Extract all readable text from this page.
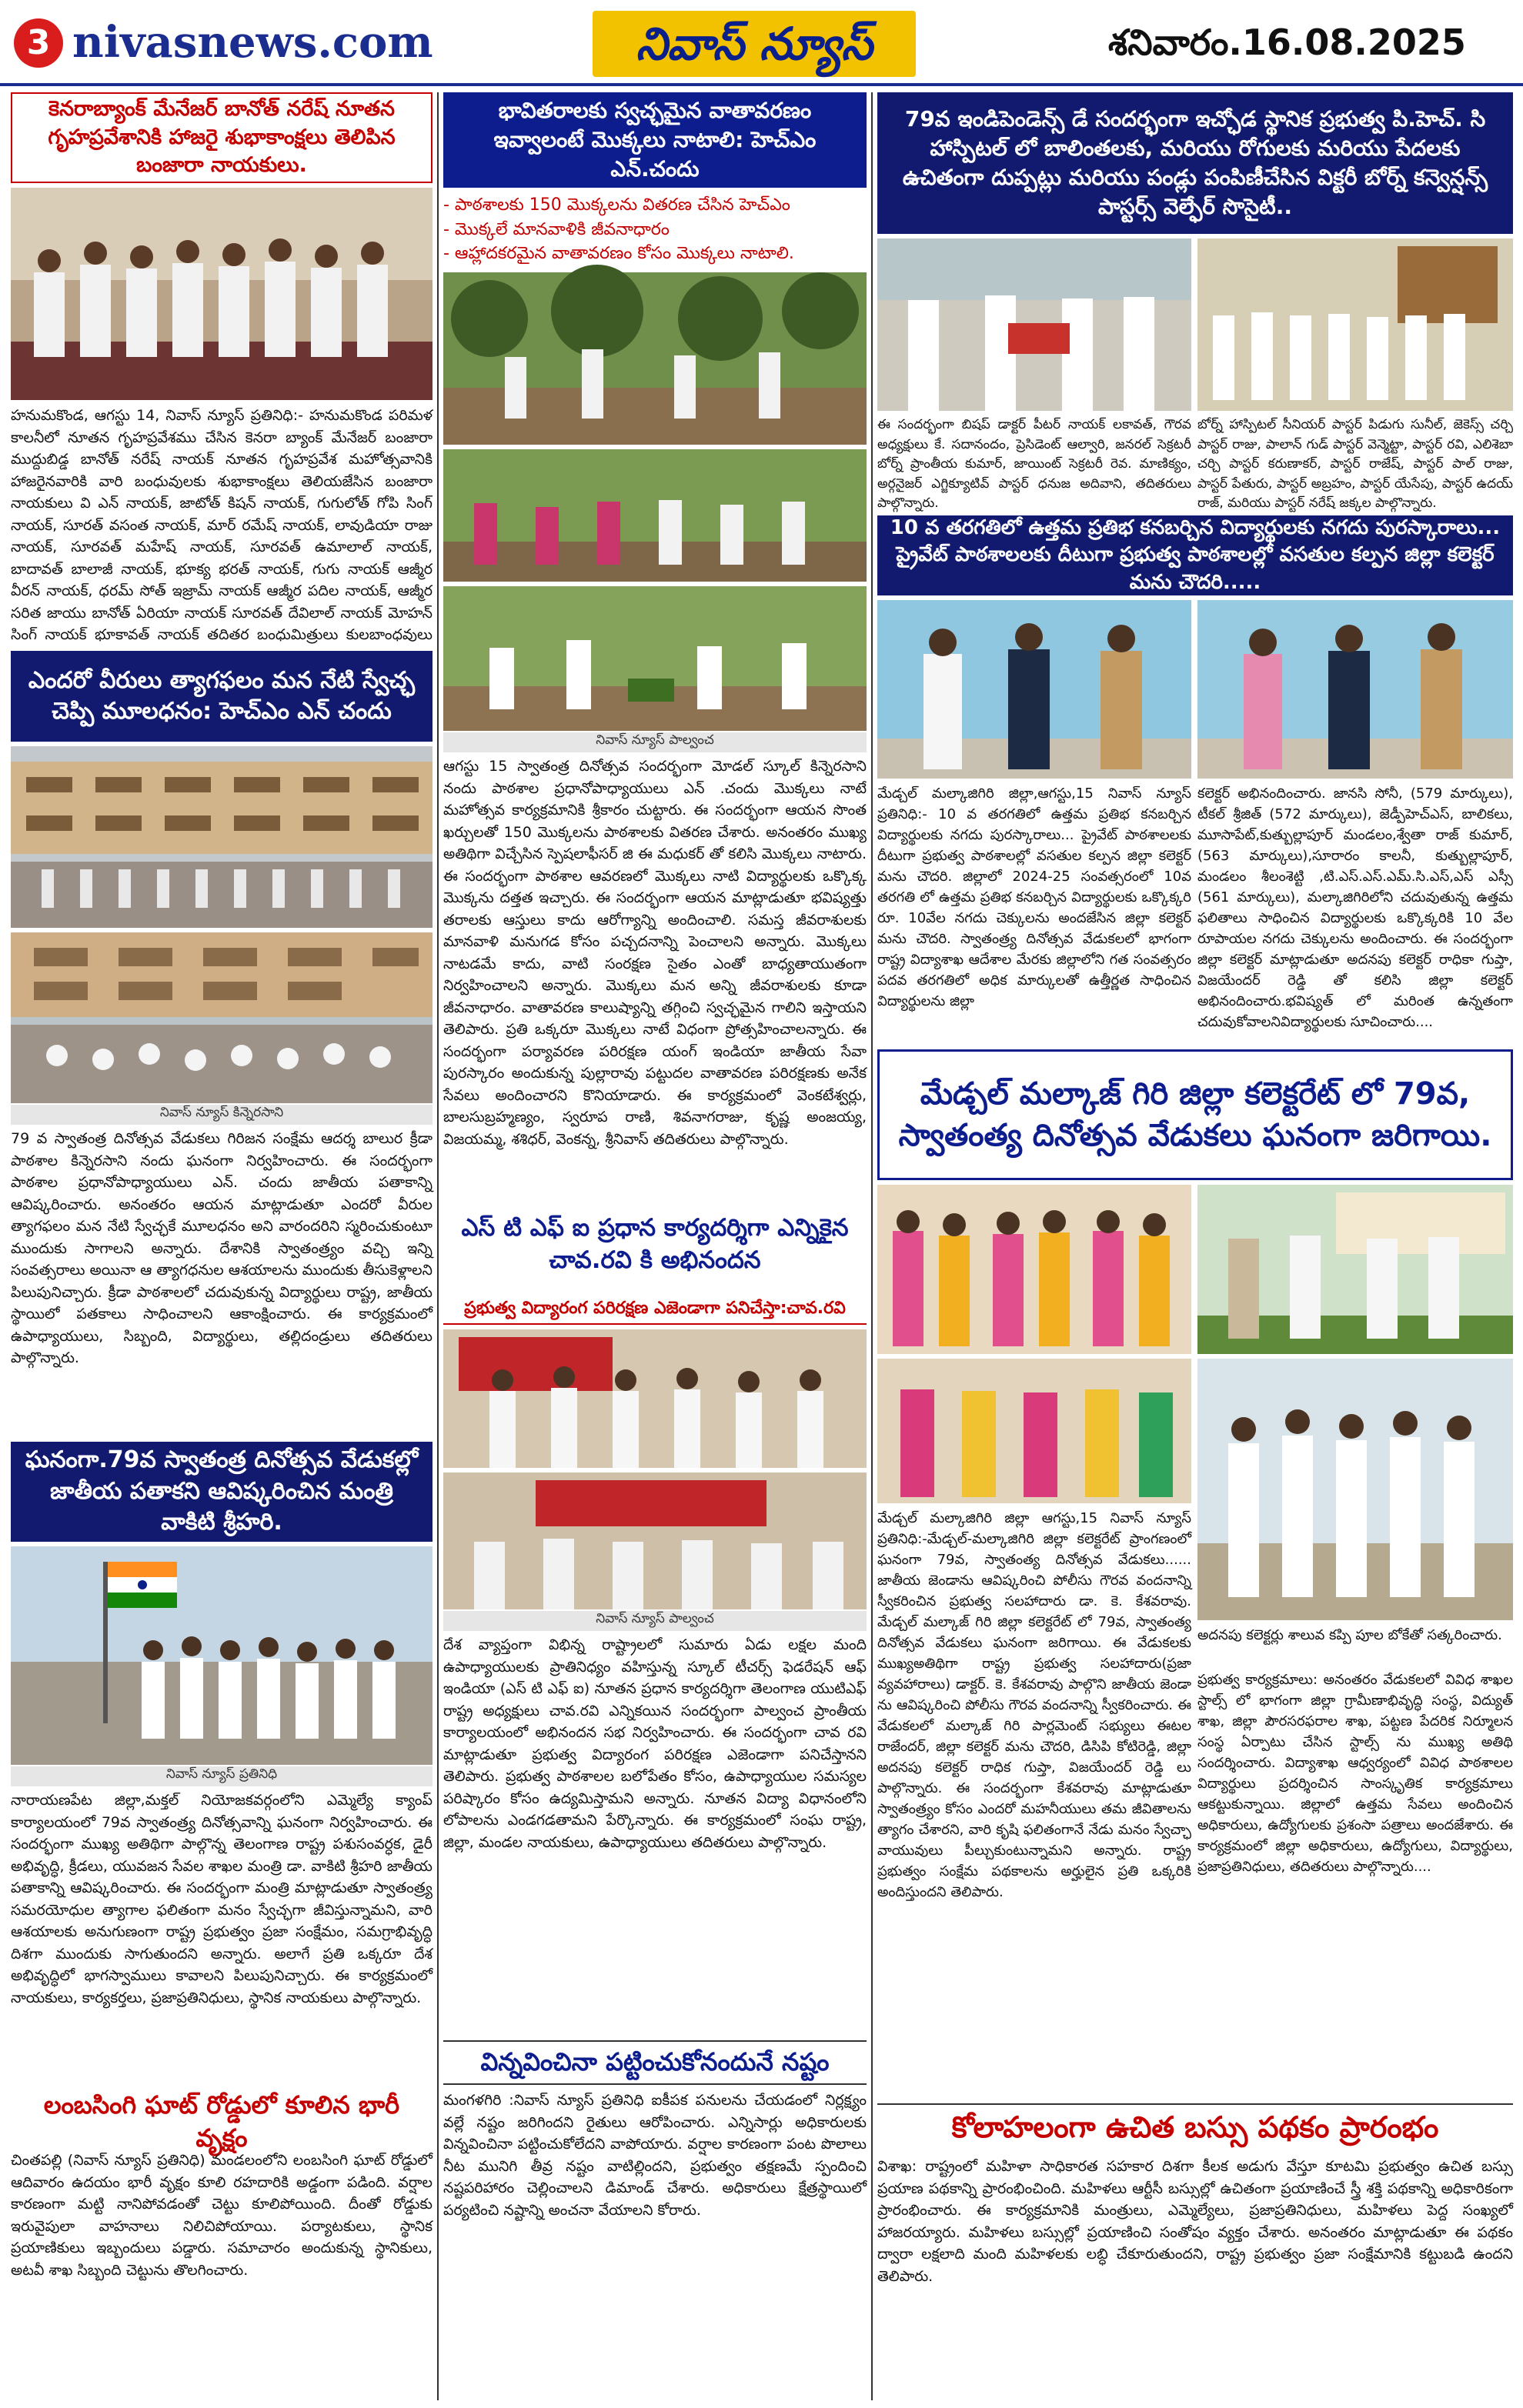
3 nivasnews.com	నివాస్ న్యూస్	శనివారం.16.08.2025
కెనరాబ్యాంక్ మేనేజర్ బానోత్ నరేష్ నూతన గృహప్రవేశానికి హాజరై శుభాకాంక్షలు తెలిపిన బంజారా నాయకులు.
హనుమకొండ, ఆగస్టు 14, నివాస్ న్యూస్ ప్రతినిధి:- హనుమకొండ పరిమళ కాలనీలో నూతన గృహప్రవేశము చేసిన కెనరా బ్యాంక్ మేనేజర్ బంజారా ముద్దుబిడ్డ బానోత్ నరేష్ నాయక్ నూతన గృహప్రవేశ మహోత్సవానికి హాజరైనవారికి వారి బంధువులకు శుభాకాంక్షలు తెలియజేసిన బంజారా నాయకులు వి ఎన్ నాయక్, జాటోత్ కిషన్ నాయక్, గుగులోత్ గోపి సింగ్ నాయక్, సూరత్ వసంత నాయక్, మార్ రమేష్ నాయక్, లావుడియా రాజు నాయక్, సూరవత్ మహేష్ నాయక్, సూరవత్ ఉమాలాల్ నాయక్, బాదావత్ బాలాజీ నాయక్, భూక్య భరత్ నాయక్, గుగు నాయక్ ఆజ్మీర వీరన్ నాయక్, ధరమ్ సోత్ ఇజ్రామ్ నాయక్ ఆజ్మీర పదిల నాయక్, ఆజ్మీర సరిత జాయు బానోత్ ఏరియా నాయక్ సూరవత్ దేవిలాల్ నాయక్ మోహన్ సింగ్ నాయక్ భూకావత్ నాయక్ తదితర బంధుమిత్రులు కులబాంధవులు
ఎందరో వీరులు త్యాగఫలం మన నేటి స్వేచ్ఛ చెప్పి మూలధనం: హెచ్ఎం ఎన్ చందు
నివాస్ న్యూస్ కిన్నెరసాని
79 వ స్వాతంత్ర దినోత్సవ వేడుకలు గిరిజన సంక్షేమ ఆదర్శ బాలుర క్రీడా పాఠశాల కిన్నెరసాని నందు ఘనంగా నిర్వహించారు. ఈ సందర్భంగా పాఠశాల ప్రధానోపాధ్యాయులు ఎన్. చందు జాతీయ పతాకాన్ని ఆవిష్కరించారు. అనంతరం ఆయన మాట్లాడుతూ ఎందరో వీరుల త్యాగఫలం మన నేటి స్వేచ్ఛకే మూలధనం అని వారందరిని స్మరించుకుంటూ ముందుకు సాగాలని అన్నారు. దేశానికి స్వాతంత్ర్యం వచ్చి ఇన్ని సంవత్సరాలు అయినా ఆ త్యాగధనుల ఆశయాలను ముందుకు తీసుకెళ్లాలని పిలుపునిచ్చారు. క్రీడా పాఠశాలలో చదువుకున్న విద్యార్థులు రాష్ట్ర, జాతీయ స్థాయిలో పతకాలు సాధించాలని ఆకాంక్షించారు. ఈ కార్యక్రమంలో ఉపాధ్యాయులు, సిబ్బంది, విద్యార్థులు, తల్లిదండ్రులు తదితరులు పాల్గొన్నారు.
ఘనంగా.79వ స్వాతంత్ర దినోత్సవ వేడుకల్లో జాతీయ పతాకని ఆవిష్కరించిన మంత్రి వాకిటి శ్రీహరి.
నివాస్ న్యూస్ ప్రతినిధి
నారాయణపేట జిల్లా,మక్తల్ నియోజకవర్గంలోని ఎమ్మెల్యే క్యాంప్ కార్యాలయంలో 79వ స్వాతంత్ర్య దినోత్సవాన్ని ఘనంగా నిర్వహించారు. ఈ సందర్భంగా ముఖ్య అతిథిగా పాల్గొన్న తెలంగాణ రాష్ట్ర పశుసంవర్ధక, డైరీ అభివృద్ధి, క్రీడలు, యువజన సేవల శాఖల మంత్రి డా. వాకిటి శ్రీహరి జాతీయ పతాకాన్ని ఆవిష్కరించారు. ఈ సందర్భంగా మంత్రి మాట్లాడుతూ స్వాతంత్ర్య సమరయోధుల త్యాగాల ఫలితంగా మనం స్వేచ్ఛగా జీవిస్తున్నామని, వారి ఆశయాలకు అనుగుణంగా రాష్ట్ర ప్రభుత్వం ప్రజా సంక్షేమం, సమగ్రాభివృద్ధి దిశగా ముందుకు సాగుతుందని అన్నారు. అలాగే ప్రతి ఒక్కరూ దేశ అభివృద్ధిలో భాగస్వాములు కావాలని పిలుపునిచ్చారు. ఈ కార్యక్రమంలో నాయకులు, కార్యకర్తలు, ప్రజాప్రతినిధులు, స్థానిక నాయకులు పాల్గొన్నారు.
లంబసింగి ఘాట్ రోడ్డులో కూలిన భారీ వృక్షం
చింతపల్లి (నివాస్ న్యూస్ ప్రతినిధి) మండలంలోని లంబసింగి ఘాట్ రోడ్డులో ఆదివారం ఉదయం భారీ వృక్షం కూలి రహదారికి అడ్డంగా పడింది. వర్షాల కారణంగా మట్టి నానిపోవడంతో చెట్టు కూలిపోయింది. దీంతో రోడ్డుకు ఇరువైపులా వాహనాలు నిలిచిపోయాయి. పర్యాటకులు, స్థానిక ప్రయాణికులు ఇబ్బందులు పడ్డారు. సమాచారం అందుకున్న స్థానికులు, అటవీ శాఖ సిబ్బంది చెట్టును తొలగించారు.
భావితరాలకు స్వచ్ఛమైన వాతావరణం ఇవ్వాలంటే మొక్కలు నాటాలి: హెచ్ఎం ఎన్.చందు
- పాఠశాలకు 150 మొక్కలను వితరణ చేసిన హెచ్ఎం
- మొక్కలే మానవాళికి జీవనాధారం
- ఆహ్లాదకరమైన వాతావరణం కోసం మొక్కలు నాటాలి.
నివాస్ న్యూస్ పాల్వంచ
ఆగస్టు 15 స్వాతంత్ర దినోత్సవ సందర్భంగా మోడల్ స్కూల్ కిన్నెరసాని నందు పాఠశాల ప్రధానోపాధ్యాయులు ఎన్ .చందు మొక్కలు నాటే మహోత్సవ కార్యక్రమానికి శ్రీకారం చుట్టారు. ఈ సందర్భంగా ఆయన సొంత ఖర్చులతో 150 మొక్కలను పాఠశాలకు వితరణ చేశారు. అనంతరం ముఖ్య అతిథిగా విచ్చేసిన స్పెషలాఫీసర్ జి ఈ మధుకర్ తో కలిసి మొక్కలు నాటారు. ఈ సందర్భంగా పాఠశాల ఆవరణలో మొక్కలు నాటి విద్యార్థులకు ఒక్కొక్క మొక్కను దత్తత ఇచ్చారు. ఈ సందర్భంగా ఆయన మాట్లాడుతూ భవిష్యత్తు తరాలకు ఆస్తులు కాదు ఆరోగ్యాన్ని అందించాలి. సమస్త జీవరాశులకు మానవాళి మనుగడ కోసం పచ్చదనాన్ని పెంచాలని అన్నారు. మొక్కలు నాటడమే కాదు, వాటి సంరక్షణ సైతం ఎంతో బాధ్యతాయుతంగా నిర్వహించాలని అన్నారు. మొక్కలు మన అన్ని జీవరాశులకు కూడా జీవనాధారం. వాతావరణ కాలుష్యాన్ని తగ్గించి స్వచ్ఛమైన గాలిని ఇస్తాయని తెలిపారు. ప్రతి ఒక్కరూ మొక్కలు నాటే విధంగా ప్రోత్సహించాలన్నారు. ఈ సందర్భంగా పర్యావరణ పరిరక్షణ యంగ్ ఇండియా జాతీయ సేవా పురస్కారం అందుకున్న పుల్లారావు పట్టుదల వాతావరణ పరిరక్షణకు అనేక సేవలు అందించారని కొనియాడారు. ఈ కార్యక్రమంలో వెంకటేశ్వర్లు, బాలసుబ్రహ్మణ్యం, స్వరూప రాణి, శివనాగరాజు, కృష్ణ అంజయ్య, విజయమ్మ, శశిధర్, వెంకన్న, శ్రీనివాస్ తదితరులు పాల్గొన్నారు.
ఎస్ టి ఎఫ్ ఐ ప్రధాన కార్యదర్శిగా ఎన్నికైన చావ.రవి కి అభినందన
ప్రభుత్వ విద్యారంగ పరిరక్షణ ఎజెండాగా పనిచేస్తా:చావ.రవి
నివాస్ న్యూస్ పాల్వంచ
దేశ వ్యాప్తంగా విభిన్న రాష్ట్రాలలో సుమారు ఏడు లక్షల మంది ఉపాధ్యాయులకు ప్రాతినిధ్యం వహిస్తున్న స్కూల్ టీచర్స్ ఫెడరేషన్ ఆఫ్ ఇండియా (ఎస్ టి ఎఫ్ ఐ) నూతన ప్రధాన కార్యదర్శిగా తెలంగాణ యుటిఎఫ్ రాష్ట్ర అధ్యక్షులు చావ.రవి ఎన్నికయిన సందర్భంగా పాల్వంచ ప్రాంతీయ కార్యాలయంలో అభినందన సభ నిర్వహించారు. ఈ సందర్భంగా చావ రవి మాట్లాడుతూ ప్రభుత్వ విద్యారంగ పరిరక్షణ ఎజెండాగా పనిచేస్తానని తెలిపారు. ప్రభుత్వ పాఠశాలల బలోపేతం కోసం, ఉపాధ్యాయుల సమస్యల పరిష్కారం కోసం ఉద్యమిస్తామని అన్నారు. నూతన విద్యా విధానంలోని లోపాలను ఎండగడతామని పేర్కొన్నారు. ఈ కార్యక్రమంలో సంఘ రాష్ట్ర, జిల్లా, మండల నాయకులు, ఉపాధ్యాయులు తదితరులు పాల్గొన్నారు.
విన్నవించినా పట్టించుకోనందునే నష్టం
మంగళగిరి :నివాస్ న్యూస్ ప్రతినిధి ఐకీపక పనులను చేయడంలో నిర్లక్ష్యం వల్లే నష్టం జరిగిందని రైతులు ఆరోపించారు. ఎన్నిసార్లు అధికారులకు విన్నవించినా పట్టించుకోలేదని వాపోయారు. వర్షాల కారణంగా పంట పొలాలు నీట మునిగి తీవ్ర నష్టం వాటిల్లిందని, ప్రభుత్వం తక్షణమే స్పందించి నష్టపరిహారం చెల్లించాలని డిమాండ్ చేశారు. అధికారులు క్షేత్రస్థాయిలో పర్యటించి నష్టాన్ని అంచనా వేయాలని కోరారు.
79వ ఇండిపెండెన్స్ డే సందర్భంగా ఇచ్ఛోడ స్థానిక ప్రభుత్వ పి.హెచ్. సి హాస్పిటల్ లో బాలింతలకు, మరియు రోగులకు మరియు పేదలకు ఉచితంగా దుప్పట్లు మరియు పండ్లు పంపిణీచేసిన విక్టరీ బోర్న్ కన్వెన్షన్స్ పాస్టర్స్ వెల్ఫేర్ సొసైటీ..
ఈ సందర్భంగా బిషప్ డాక్టర్ పీటర్ నాయక్ లకావత్, గౌరవ అధ్యక్షులు కే. సదానందం, ప్రెసిడెంట్ ఆల్వారి, జనరల్ సెక్రటరీ బోర్న్ ప్రాంతీయ కుమార్, జాయింట్ సెక్రటరీ రెవ. మాణిక్యం, అర్గనైజర్ ఎగ్జిక్యూటివ్ పాస్టర్ ధనుజ అదివాని, తదితరులు పాల్గొన్నారు.
బోర్న్ హాస్పిటల్ సీనియర్ పాస్టర్ పిడుగు సునీల్, జెకెస్స్ చర్చి పాస్టర్ రాజు, పాలాన్ గుడ్ పాస్టర్ వెన్మెట్టా, పాస్టర్ రవి, ఎలిశెబా చర్చి పాస్టర్ కరుణాకర్, పాస్టర్ రాజేష్, పాస్టర్ పాల్ రాజు, పాస్టర్ పేతురు, పాస్టర్ అబ్రహం, పాస్టర్ యేసేపు, పాస్టర్ ఉదయ్ రాజ్, మరియు పాస్టర్ నరేష్ జక్కల పాల్గొన్నారు.
10 వ తరగతిలో ఉత్తమ ప్రతిభ కనబర్చిన విద్యార్థులకు నగదు పురస్కారాలు... ప్రైవేట్ పాఠశాలలకు దీటుగా ప్రభుత్వ పాఠశాలల్లో వసతుల కల్పన జిల్లా కలెక్టర్ మను చౌదరి.....
మేడ్చల్ మల్కాజిగిరి జిల్లా,ఆగస్టు,15 నివాస్ న్యూస్ ప్రతినిధి:- 10 వ తరగతిలో ఉత్తమ ప్రతిభ కనబర్చిన విద్యార్థులకు నగదు పురస్కారాలు... ప్రైవేట్ పాఠశాలలకు దీటుగా ప్రభుత్వ పాఠశాలల్లో వసతుల కల్పన జిల్లా కలెక్టర్ మను చౌదరి. జిల్లాలో 2024-25 సంవత్సరంలో 10వ తరగతి లో ఉత్తమ ప్రతిభ కనబర్చిన విద్యార్థులకు ఒక్కొక్కరి రూ. 10వేల నగదు చెక్కులను అందజేసిన జిల్లా కలెక్టర్ మను చౌదరి. స్వాతంత్ర్య దినోత్సవ వేడుకలలో భాగంగా రాష్ట్ర విద్యాశాఖ ఆదేశాల మేరకు జిల్లాలోని గత సంవత్సరం పదవ తరగతిలో అధిక మార్కులతో ఉత్తీర్ణత సాధించిన విద్యార్థులను జిల్లా
కలెక్టర్ అభినందించారు. జానసి సోనీ, (579 మార్కులు), టీకల్ శ్రీజిత్ (572 మార్కులు), జెడ్పీహెచ్ఎస్, బాలికలు, మూసాపేట్,కుత్బుల్లాపూర్ మండలం,శ్వేతా రాజ్ కుమార్, (563 మార్కులు),సూరారం కాలనీ, కుత్బుల్లాపూర్, మండలం శీలంశెట్టి ,టి.ఎస్.ఎస్.ఎమ్.సి.ఎస్,ఎస్ ఎస్సీ (561 మార్కులు), మల్కాజిగిరిలోని చదువుతున్న ఉత్తమ ఫలితాలు సాధించిన విద్యార్థులకు ఒక్కొక్కరికి 10 వేల రూపాయల నగదు చెక్కులను అందించారు. ఈ సందర్భంగా జిల్లా కలెక్టర్ మాట్లాడుతూ అదనపు కలెక్టర్ రాధికా గుప్తా, విజయేందర్ రెడ్డి తో కలిసి జిల్లా కలెక్టర్ అభినందించారు.భవిష్యత్ లో మరింత ఉన్నతంగా చదువుకోవాలనివిద్యార్థులకు సూచించారు....
మేడ్చల్ మల్కాజ్ గిరి జిల్లా కలెక్టరేట్ లో 79వ, స్వాతంత్య దినోత్సవ వేడుకలు ఘనంగా జరిగాయి.
మేడ్చల్ మల్కాజిగిరి జిల్లా ఆగస్టు,15 నివాస్ న్యూస్ ప్రతినిధి:-మేడ్చల్-మల్కాజిగిరి జిల్లా కలెక్టరేట్ ప్రాంగణంలో ఘనంగా 79వ, స్వాతంత్య దినోత్సవ వేడుకలు...... జాతీయ జెండాను ఆవిష్కరించి పోలీసు గౌరవ వందనాన్ని స్వీకరించిన ప్రభుత్వ సలహాదారు డా. కె. కేశవరావు. మేడ్చల్ మల్కాజ్ గిరి జిల్లా కలెక్టరేట్ లో 79వ, స్వాతంత్య దినోత్సవ వేడుకలు ఘనంగా జరిగాయి. ఈ వేడుకలకు ముఖ్యఅతిథిగా రాష్ట్ర ప్రభుత్వ సలహాదారు(ప్రజా వ్యవహారాలు) డాక్టర్. కె. కేశవరావు పాల్గొని జాతీయ జెండా ను ఆవిష్కరించి పోలీసు గౌరవ వందనాన్ని స్వీకరించారు. ఈ వేడుకలలో మల్కాజ్ గిరి పార్లమెంట్ సభ్యులు ఈటల రాజేందర్, జిల్లా కలెక్టర్ మను చౌదరి, డిసిపి కోటిరెడ్డి, జిల్లా అదనపు కలెక్టర్ రాధిక గుప్తా, విజయేందర్ రెడ్డి లు పాల్గొన్నారు. ఈ సందర్భంగా కేశవరావు మాట్లాడుతూ స్వాతంత్ర్యం కోసం ఎందరో మహనీయులు తమ జీవితాలను త్యాగం చేశారని, వారి కృషి ఫలితంగానే నేడు మనం స్వేచ్ఛా వాయువులు పీల్చుకుంటున్నామని అన్నారు. రాష్ట్ర ప్రభుత్వం సంక్షేమ పథకాలను అర్హులైన ప్రతి ఒక్కరికి అందిస్తుందని తెలిపారు.
అదనపు కలెక్టర్లు శాలువ కప్పి పూల బోకేతో సత్కరించారు.
ప్రభుత్వ కార్యక్రమాలు: అనంతరం వేడుకలలో వివిధ శాఖల స్టాల్స్ లో భాగంగా జిల్లా గ్రామీణాభివృద్ధి సంస్థ, విద్యుత్ శాఖ, జిల్లా పౌరసరఫరాల శాఖ, పట్టణ పేదరిక నిర్మూలన సంస్థ ఏర్పాటు చేసిన స్టాల్స్ ను ముఖ్య అతిథి సందర్శించారు. విద్యాశాఖ ఆధ్వర్యంలో వివిధ పాఠశాలల విద్యార్థులు ప్రదర్శించిన సాంస్కృతిక కార్యక్రమాలు ఆకట్టుకున్నాయి. జిల్లాలో ఉత్తమ సేవలు అందించిన అధికారులు, ఉద్యోగులకు ప్రశంసా పత్రాలు అందజేశారు. ఈ కార్యక్రమంలో జిల్లా అధికారులు, ఉద్యోగులు, విద్యార్థులు, ప్రజాప్రతినిధులు, తదితరులు పాల్గొన్నారు....
కోలాహలంగా ఉచిత బస్సు పథకం ప్రారంభం
విశాఖ: రాష్ట్రంలో మహిళా సాధికారత సహకార దిశగా కీలక అడుగు వేస్తూ కూటమి ప్రభుత్వం ఉచిత బస్సు ప్రయాణ పథకాన్ని ప్రారంభించింది. మహిళలు ఆర్టీసీ బస్సుల్లో ఉచితంగా ప్రయాణించే స్త్రీ శక్తి పథకాన్ని అధికారికంగా ప్రారంభించారు. ఈ కార్యక్రమానికి మంత్రులు, ఎమ్మెల్యేలు, ప్రజాప్రతినిధులు, మహిళలు పెద్ద సంఖ్యలో హాజరయ్యారు. మహిళలు బస్సుల్లో ప్రయాణించి సంతోషం వ్యక్తం చేశారు. అనంతరం మాట్లాడుతూ ఈ పథకం ద్వారా లక్షలాది మంది మహిళలకు లబ్ధి చేకూరుతుందని, రాష్ట్ర ప్రభుత్వం ప్రజా సంక్షేమానికి కట్టుబడి ఉందని తెలిపారు.
